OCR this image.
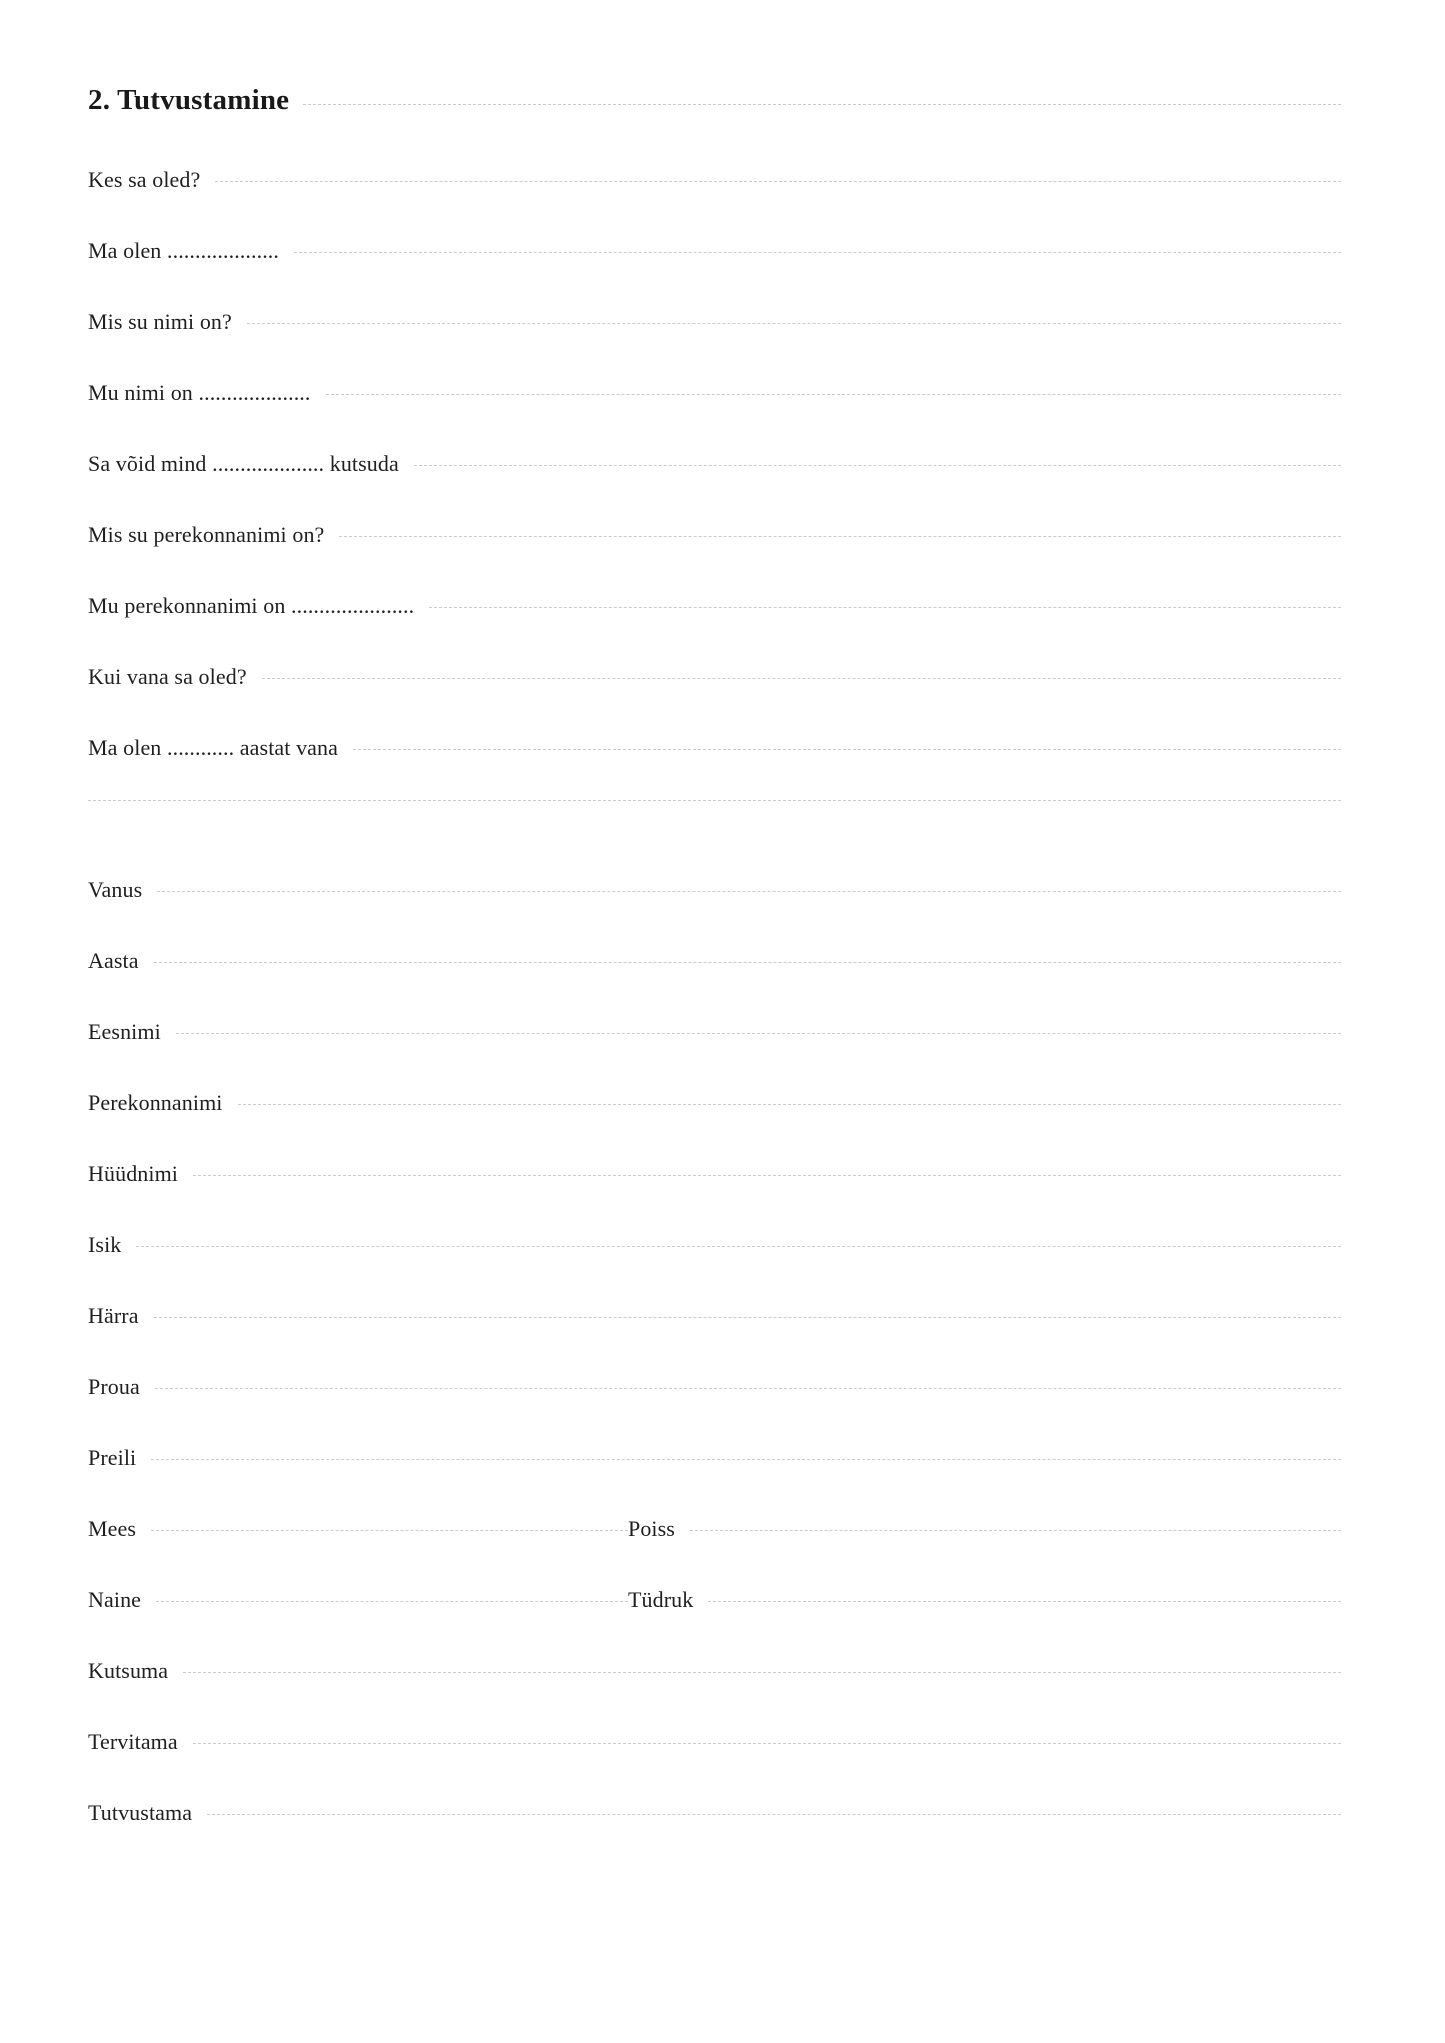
2. Tutvustamine
Kes sa oled?
Ma olen ....................
Mis su nimi on?
Mu nimi on ....................
Sa võid mind .................... kutsuda
Mis su perekonnanimi on?
Mu perekonnanimi on ......................
Kui vana sa oled?
Ma olen ............ aastat vana
Vanus
Aasta
Eesnimi
Perekonnanimi
Hüüdnimi
Isik
Härra
Proua
Preili
Mees	Poiss
Naine	Tüdruk
Kutsuma
Tervitama
Tutvustama
